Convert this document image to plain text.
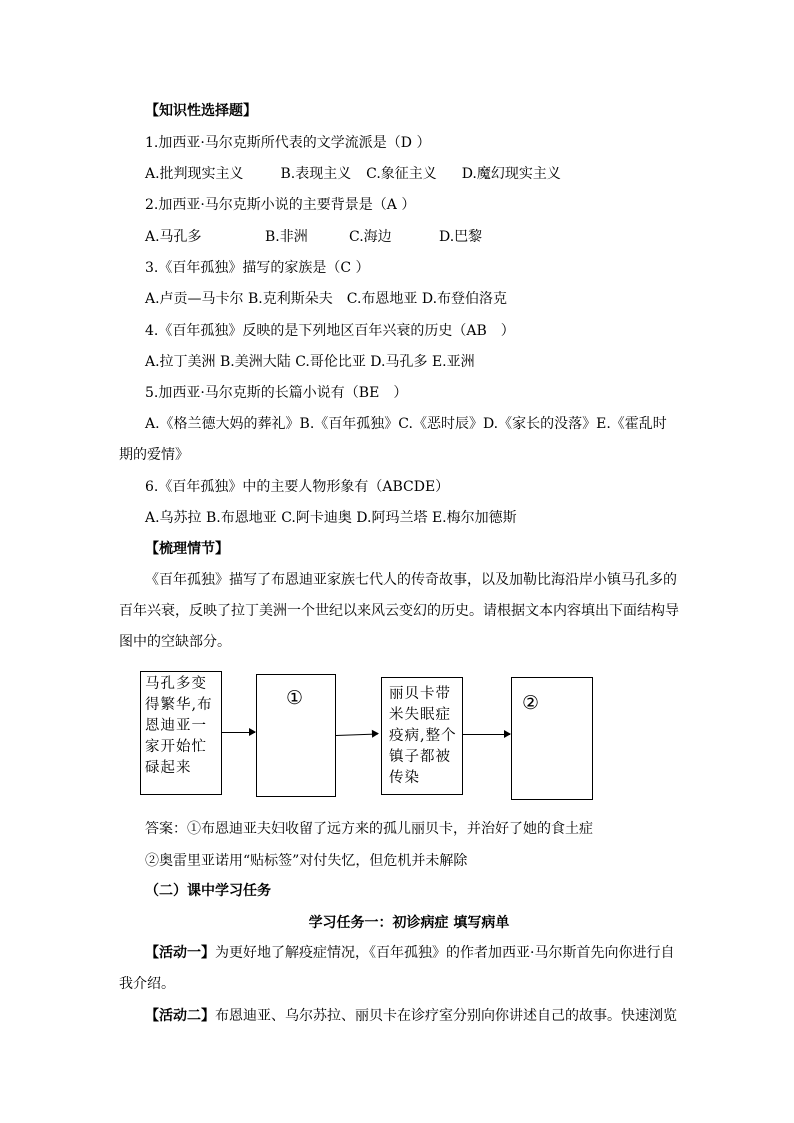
【知识性选择题】
1.加西亚·马尔克斯所代表的文学流派是（D ）
A.批判现实主义	B.表现主义 C.象征主义 D.魔幻现实主义
2.加西亚·马尔克斯小说的主要背景是（A ）
A.马孔多	B.非洲	C.海边	D.巴黎
3.《百年孤独》描写的家族是（C ）
A.卢贡—马卡尔 B.克利斯朵夫　C.布恩地亚 D.布登伯洛克
4.《百年孤独》反映的是下列地区百年兴衰的历史（AB　）
A.拉丁美洲 B.美洲大陆 C.哥伦比亚 D.马孔多 E.亚洲
5.加西亚·马尔克斯的长篇小说有（BE　）
A.《格兰德大妈的葬礼》B.《百年孤独》C.《恶时辰》D.《家长的没落》E.《霍乱时期的爱情》
6.《百年孤独》中的主要人物形象有（ABCDE）
A.乌苏拉 B.布恩地亚 C.阿卡迪奥 D.阿玛兰塔 E.梅尔加德斯
【梳理情节】
《百年孤独》描写了布恩迪亚家族七代人的传奇故事，以及加勒比海沿岸小镇马孔多的百年兴衰，反映了拉丁美洲一个世纪以来风云变幻的历史。请根据文本内容填出下面结构导图中的空缺部分。
马孔多变得繁华,布恩迪亚一家开始忙碌起来
①	丽贝卡带米失眠症疫病,整个镇子都被传染
②
答案：①布恩迪亚夫妇收留了远方来的孤儿丽贝卡，并治好了她的食土症
②奥雷里亚诺用“贴标签”对付失忆，但危机并未解除
（二）课中学习任务
学习任务一：初诊病症 填写病单
【活动一】为更好地了解疫症情况，《百年孤独》的作者加西亚·马尔斯首先向你进行自我介绍。
【活动二】布恩迪亚、乌尔苏拉、丽贝卡在诊疗室分别向你讲述自己的故事。快速浏览
